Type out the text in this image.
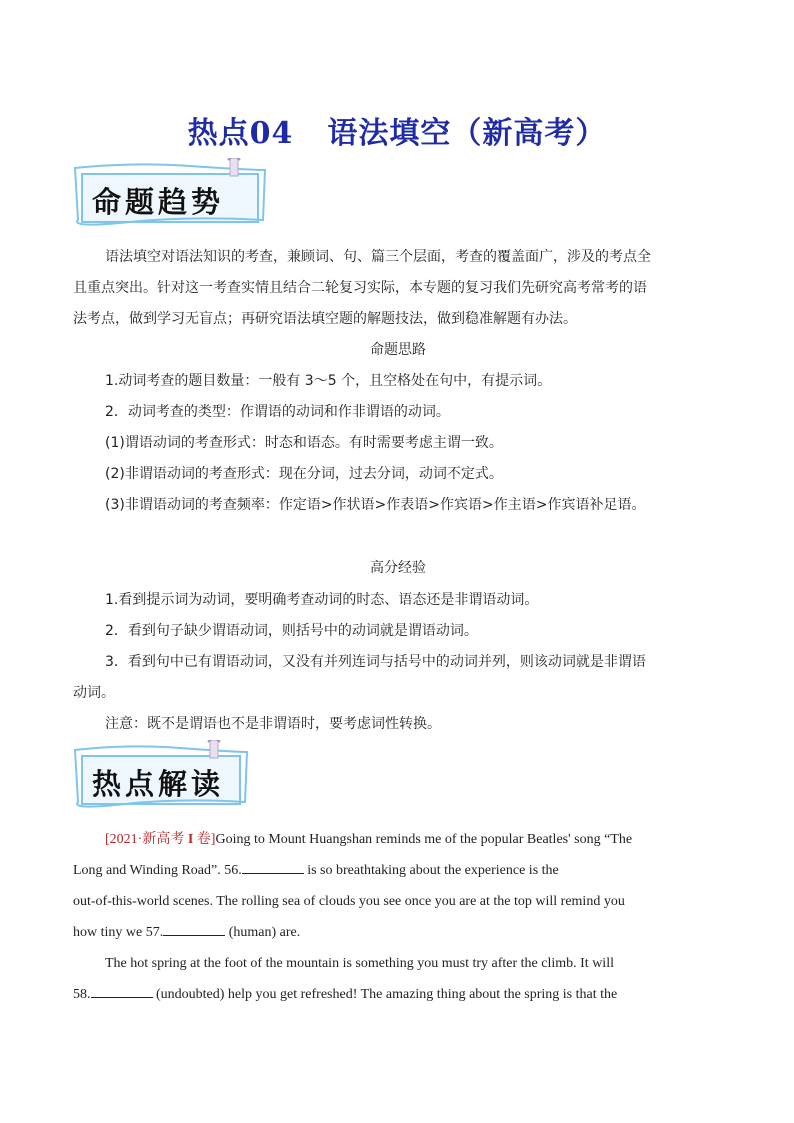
热点04 语法填空（新高考）
命题趋势
语法填空对语法知识的考查，兼顾词、句、篇三个层面，考查的覆盖面广，涉及的考点全
且重点突出。针对这一考查实情且结合二轮复习实际，本专题的复习我们先研究高考常考的语
法考点，做到学习无盲点；再研究语法填空题的解题技法，做到稳准解题有办法。
命题思路
1.动词考查的题目数量：一般有 3～5 个，且空格处在句中，有提示词。
2．动词考查的类型：作谓语的动词和作非谓语的动词。
(1)谓语动词的考查形式：时态和语态。有时需要考虑主谓一致。
(2)非谓语动词的考查形式：现在分词，过去分词，动词不定式。
(3)非谓语动词的考查频率：作定语>作状语>作表语>作宾语>作主语>作宾语补足语。
高分经验
1.看到提示词为动词，要明确考查动词的时态、语态还是非谓语动词。
2．看到句子缺少谓语动词，则括号中的动词就是谓语动词。
3．看到句中已有谓语动词，又没有并列连词与括号中的动词并列，则该动词就是非谓语
动词。
注意：既不是谓语也不是非谓语时，要考虑词性转换。
热点解读
[2021·新高考 I 卷]Going to Mount Huangshan reminds me of the popular Beatles' song “The
Long and Winding Road”. 56.	is so breathtaking about the experience is the
out-of-this-world scenes. The rolling sea of clouds you see once you are at the top will remind you
how tiny we 57.	(human) are.
The hot spring at the foot of the mountain is something you must try after the climb. It will
58.	(undoubted) help you get refreshed! The amazing thing about the spring is that the
